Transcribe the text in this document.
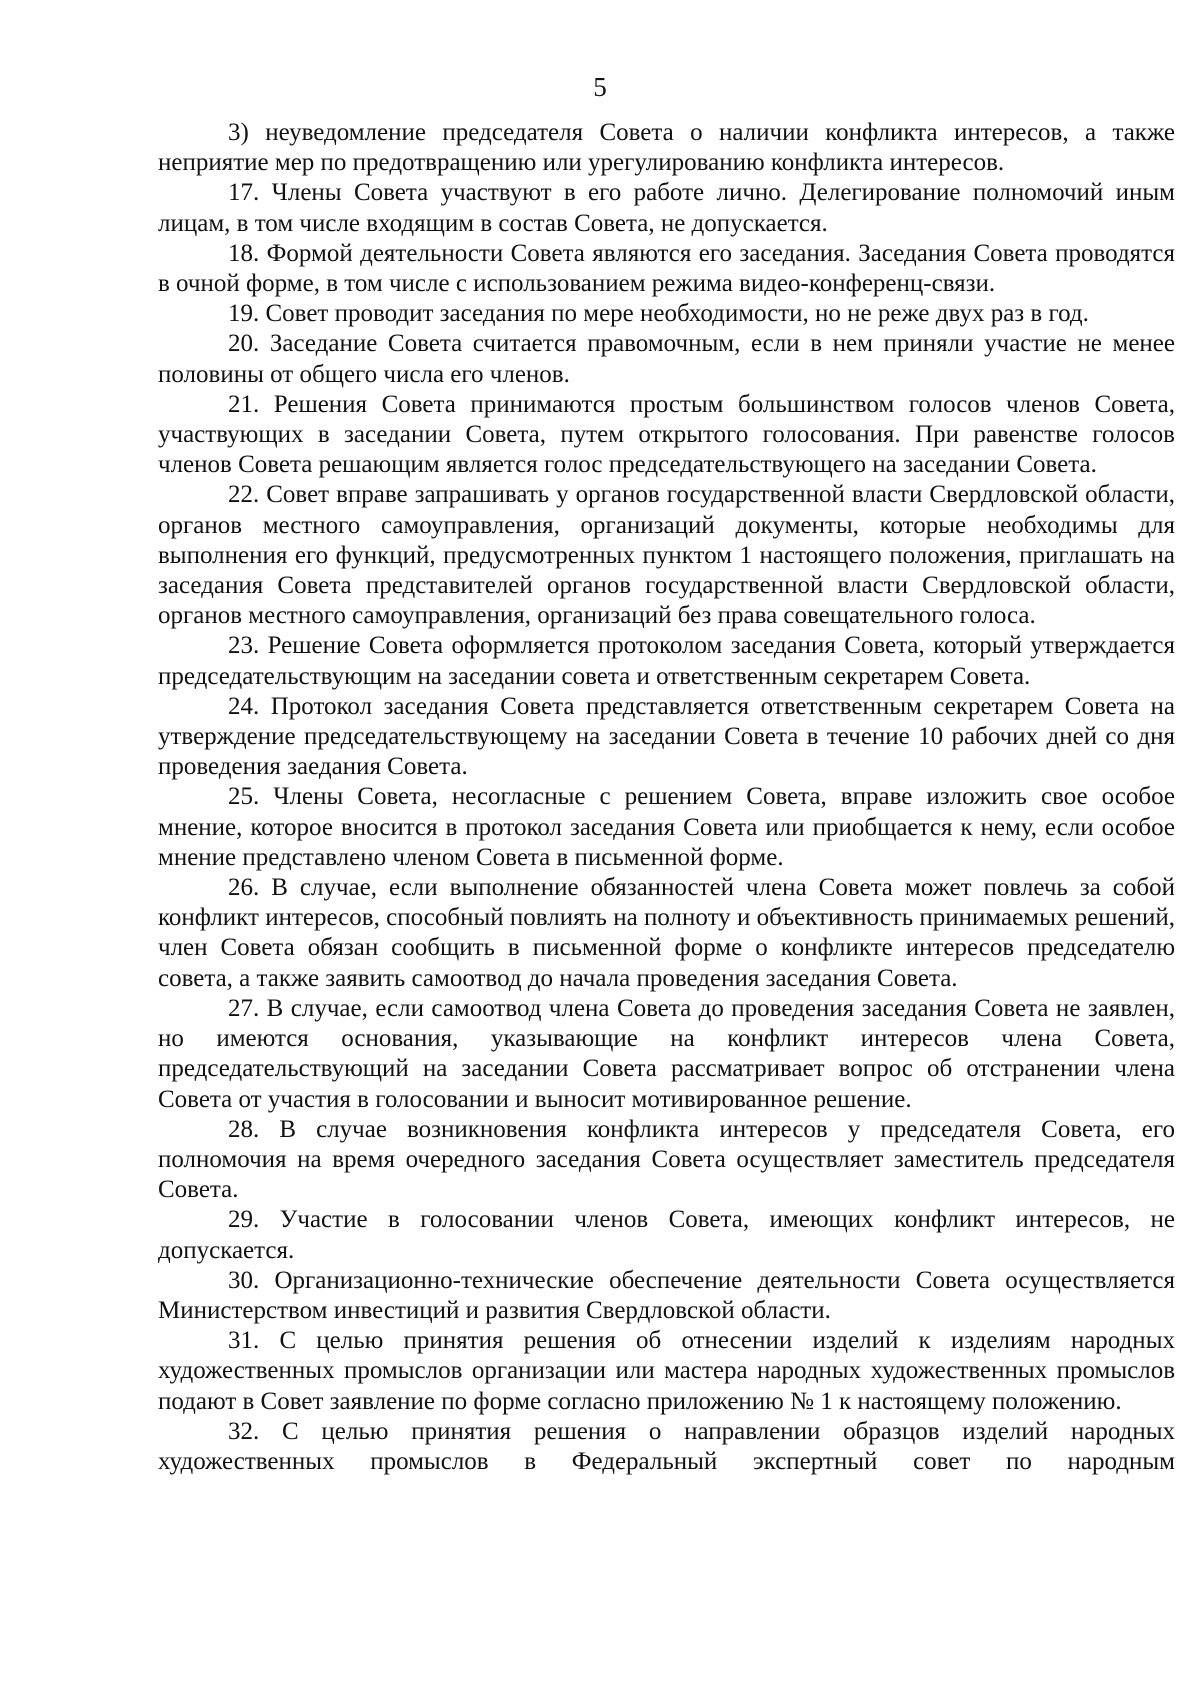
5

3) неуведомление председателя Совета о наличии конфликта интересов, а также неприятие мер по предотвращению или урегулированию конфликта интересов.

17. Члены Совета участвуют в его работе лично. Делегирование полномочий иным лицам, в том числе входящим в состав Совета, не допускается.

18. Формой деятельности Совета являются его заседания. Заседания Совета проводятся в очной форме, в том числе с использованием режима видео-конференц-связи.

19. Совет проводит заседания по мере необходимости, но не реже двух раз в год.

20. Заседание Совета считается правомочным, если в нем приняли участие не менее половины от общего числа его членов.

21. Решения Совета принимаются простым большинством голосов членов Совета, участвующих в заседании Совета, путем открытого голосования. При равенстве голосов членов Совета решающим является голос председательствующего на заседании Совета.

22. Совет вправе запрашивать у органов государственной власти Свердловской области, органов местного самоуправления, организаций документы, которые необходимы для выполнения его функций, предусмотренных пунктом 1 настоящего положения, приглашать на заседания Совета представителей органов государственной власти Свердловской области, органов местного самоуправления, организаций без права совещательного голоса.

23. Решение Совета оформляется протоколом заседания Совета, который утверждается председательствующим на заседании совета и ответственным секретарем Совета.

24. Протокол заседания Совета представляется ответственным секретарем Совета на утверждение председательствующему на заседании Совета в течение 10 рабочих дней со дня проведения заедания Совета.

25. Члены Совета, несогласные с решением Совета, вправе изложить свое особое мнение, которое вносится в протокол заседания Совета или приобщается к нему, если особое мнение представлено членом Совета в письменной форме.

26. В случае, если выполнение обязанностей члена Совета может повлечь за собой конфликт интересов, способный повлиять на полноту и объективность принимаемых решений, член Совета обязан сообщить в письменной форме о конфликте интересов председателю совета, а также заявить самоотвод до начала проведения заседания Совета.

27. В случае, если самоотвод члена Совета до проведения заседания Совета не заявлен, но имеются основания, указывающие на конфликт интересов члена Совета, председательствующий на заседании Совета рассматривает вопрос об отстранении члена Совета от участия в голосовании и выносит мотивированное решение.

28. В случае возникновения конфликта интересов у председателя Совета, его полномочия на время очередного заседания Совета осуществляет заместитель председателя Совета.

29. Участие в голосовании членов Совета, имеющих конфликт интересов, не допускается.

30. Организационно-технические обеспечение деятельности Совета осуществляется Министерством инвестиций и развития Свердловской области.

31. С целью принятия решения об отнесении изделий к изделиям народных художественных промыслов организации или мастера народных художественных промыслов подают в Совет заявление по форме согласно приложению № 1 к настоящему положению.

32. С целью принятия решения о направлении образцов изделий народных художественных промыслов в Федеральный экспертный совет по народным
